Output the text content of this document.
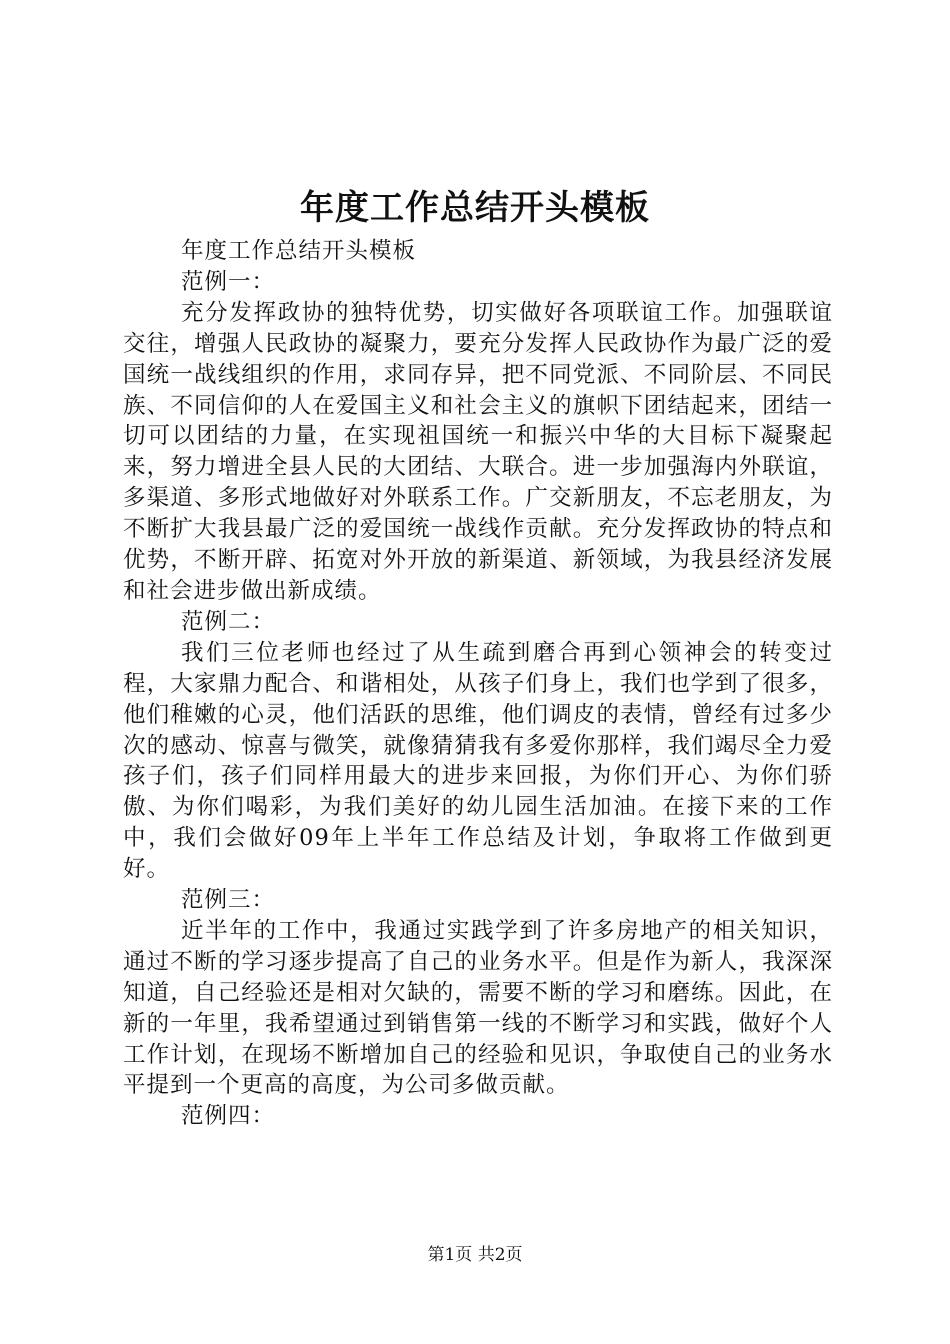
年度工作总结开头模板

年度工作总结开头模板

范例一：

充分发挥政协的独特优势，切实做好各项联谊工作。加强联谊交往，增强人民政协的凝聚力，要充分发挥人民政协作为最广泛的爱国统一战线组织的作用，求同存异，把不同党派、不同阶层、不同民族、不同信仰的人在爱国主义和社会主义的旗帜下团结起来，团结一切可以团结的力量，在实现祖国统一和振兴中华的大目标下凝聚起来，努力增进全县人民的大团结、大联合。进一步加强海内外联谊，多渠道、多形式地做好对外联系工作。广交新朋友，不忘老朋友，为不断扩大我县最广泛的爱国统一战线作贡献。充分发挥政协的特点和优势，不断开辟、拓宽对外开放的新渠道、新领域，为我县经济发展和社会进步做出新成绩。

范例二：

我们三位老师也经过了从生疏到磨合再到心领神会的转变过程，大家鼎力配合、和谐相处，从孩子们身上，我们也学到了很多，他们稚嫩的心灵，他们活跃的思维，他们调皮的表情，曾经有过多少次的感动、惊喜与微笑，就像猜猜我有多爱你那样，我们竭尽全力爱孩子们，孩子们同样用最大的进步来回报，为你们开心、为你们骄傲、为你们喝彩，为我们美好的幼儿园生活加油。在接下来的工作中，我们会做好09年上半年工作总结及计划，争取将工作做到更好。

范例三：

近半年的工作中，我通过实践学到了许多房地产的相关知识，通过不断的学习逐步提高了自己的业务水平。但是作为新人，我深深知道，自己经验还是相对欠缺的，需要不断的学习和磨练。因此，在新的一年里，我希望通过到销售第一线的不断学习和实践，做好个人工作计划，在现场不断增加自己的经验和见识，争取使自己的业务水平提到一个更高的高度，为公司多做贡献。

范例四：

第1页 共2页
